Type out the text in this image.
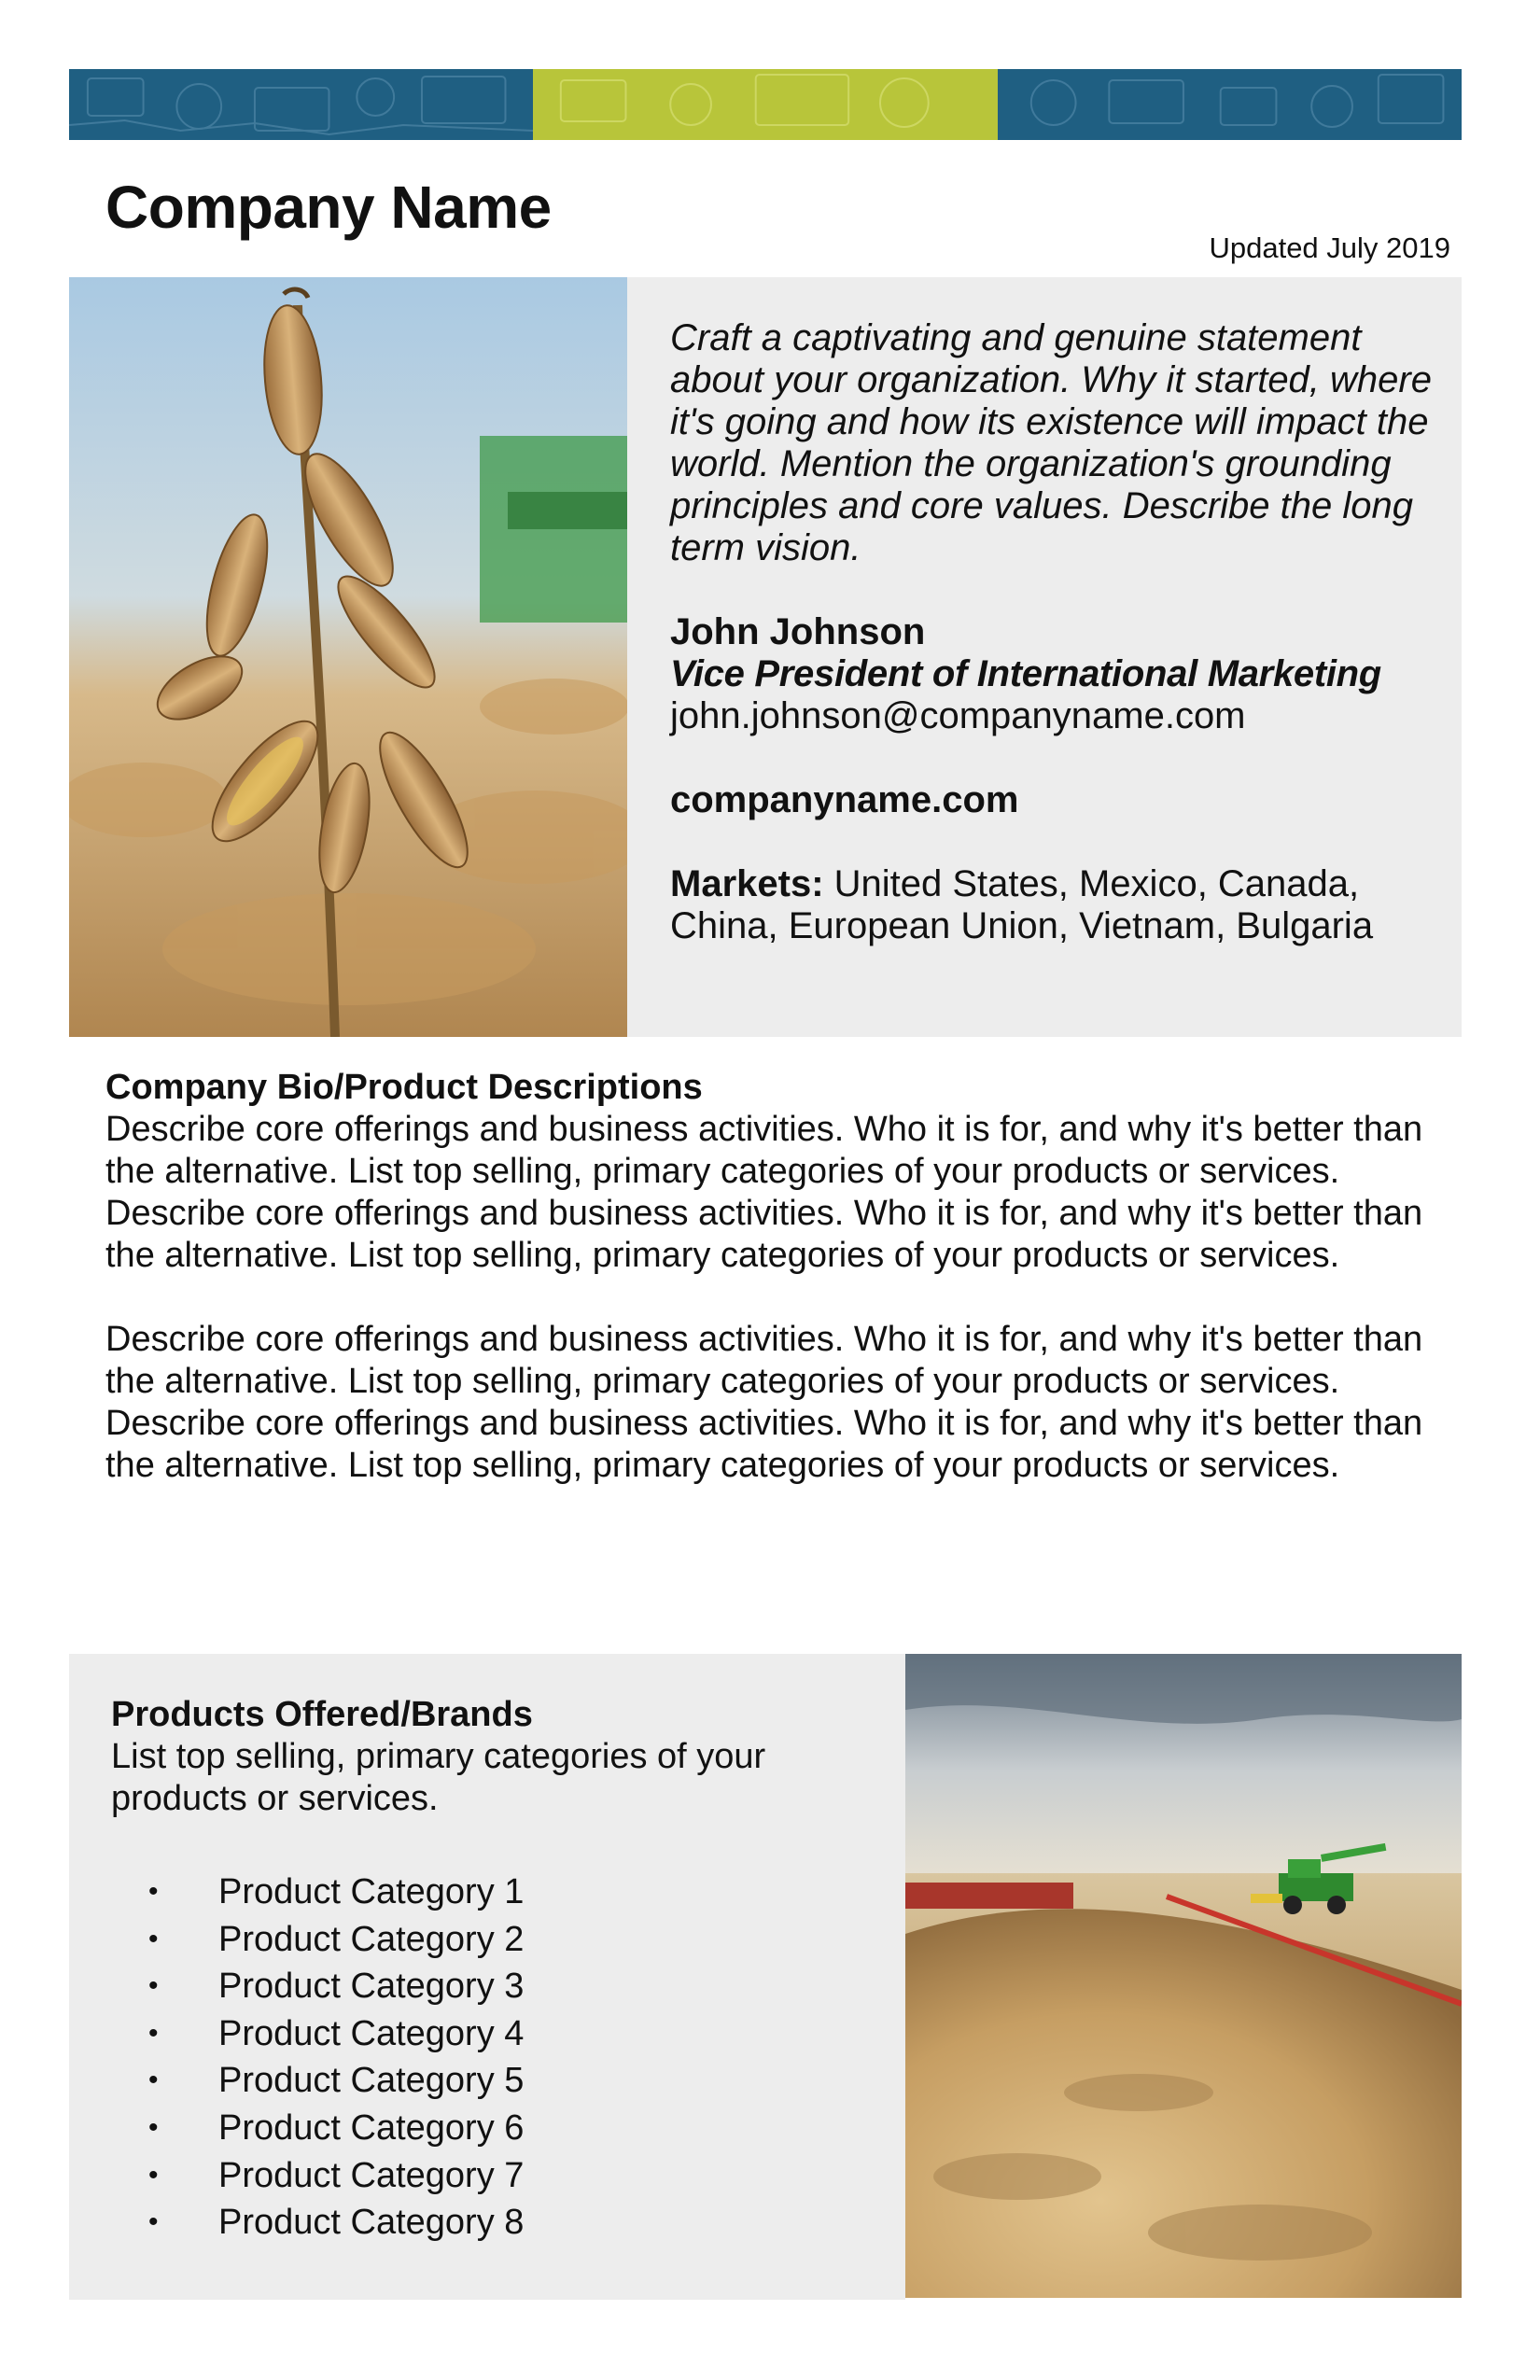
Company Name
Updated July 2019

Craft a captivating and genuine statement about your organization. Why it started, where it's going and how its existence will impact the world. Mention the organization's grounding principles and core values. Describe the long term vision.

John Johnson

Vice President of International Marketing

john.johnson@companyname.com

companyname.com

Markets: United States, Mexico, Canada, China, European Union, Vietnam, Bulgaria

Company Bio/Product Descriptions

Describe core offerings and business activities. Who it is for, and why it's better than the alternative. List top selling, primary categories of your products or services. Describe core offerings and business activities. Who it is for, and why it's better than the alternative. List top selling, primary categories of your products or services.

Describe core offerings and business activities. Who it is for, and why it's better than the alternative. List top selling, primary categories of your products or services. Describe core offerings and business activities. Who it is for, and why it's better than the alternative. List top selling, primary categories of your products or services.

Products Offered/Brands

List top selling, primary categories of your products or services.

•	Product Category 1
•	Product Category 2
•	Product Category 3
•	Product Category 4
•	Product Category 5
•	Product Category 6
•	Product Category 7
•	Product Category 8
